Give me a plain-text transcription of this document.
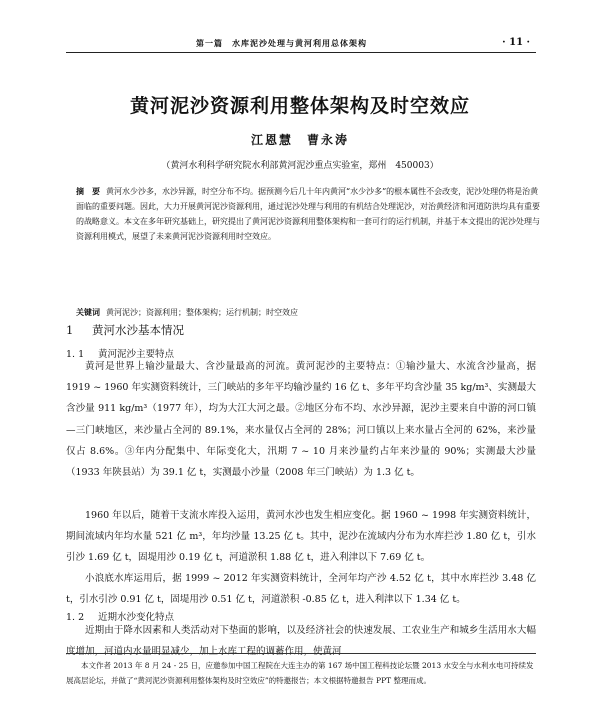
第一篇　水库泥沙处理与黄河利用总体架构	· 11 ·
黄河泥沙资源利用整体架构及时空效应
江恩慧　曹永涛
（黄河水利科学研究院水利部黄河泥沙重点实验室，郑州　450003）
摘　要 黄河水少沙多，水沙异源，时空分布不均。据预测今后几十年内黄河“水少沙多”的根本属性不会改变，泥沙处理仍将是治黄面临的重要问题。因此，大力开展黄河泥沙资源利用，通过泥沙处理与利用的有机结合处理泥沙，对治黄经济和河道防洪均具有重要的战略意义。本文在多年研究基础上，研究提出了黄河泥沙资源利用整体架构和一套可行的运行机制，并基于本文提出的泥沙处理与资源利用模式，展望了未来黄河泥沙资源利用时空效应。
关键词 黄河泥沙；资源利用；整体架构；运行机制；时空效应
1 黄河水沙基本情况
1. 1 黄河泥沙主要特点
黄河是世界上输沙量最大、含沙量最高的河流。黄河泥沙的主要特点：①输沙量大、水流含沙量高，据 1919 ~ 1960 年实测资料统计，三门峡站的多年平均输沙量约 16 亿 t、多年平均含沙量 35 kg/m³、实测最大含沙量 911 kg/m³（1977 年），均为大江大河之最。②地区分布不均、水沙异源，泥沙主要来自中游的河口镇—三门峡地区，来沙量占全河的 89.1%，来水量仅占全河的 28%；河口镇以上来水量占全河的 62%，来沙量仅占 8.6%。③年内分配集中、年际变化大，汛期 7 ~ 10 月来沙量约占年来沙量的 90%；实测最大沙量（1933 年陕县站）为 39.1 亿 t，实测最小沙量（2008 年三门峡站）为 1.3 亿 t。
1960 年以后，随着干支流水库投入运用，黄河水沙也发生相应变化。据 1960 ~ 1998 年实测资料统计，期间流域内年均水量 521 亿 m³，年均沙量 13.25 亿 t。其中，泥沙在流域内分布为水库拦沙 1.80 亿 t，引水引沙 1.69 亿 t，固堤用沙 0.19 亿 t，河道淤积 1.88 亿 t，进入利津以下 7.69 亿 t。
小浪底水库运用后，据 1999 ~ 2012 年实测资料统计，全河年均产沙 4.52 亿 t，其中水库拦沙 3.48 亿 t，引水引沙 0.91 亿 t，固堤用沙 0.51 亿 t，河道淤积 -0.85 亿 t，进入利津以下 1.34 亿 t。
1. 2 近期水沙变化特点
近期由于降水因素和人类活动对下垫面的影响，以及经济社会的快速发展、工农业生产和城乡生活用水大幅度增加，河道内水量明显减少，加上水库工程的调蓄作用，使黄河
本文作者 2013 年 8 月 24 - 25 日，应邀参加中国工程院在大连主办的第 167 场中国工程科技论坛暨 2013 水安全与水利水电可持续发展高层论坛，并做了“黄河泥沙资源利用整体架构及时空效应”的特邀报告；本文根据特邀报告 PPT 整理而成。
